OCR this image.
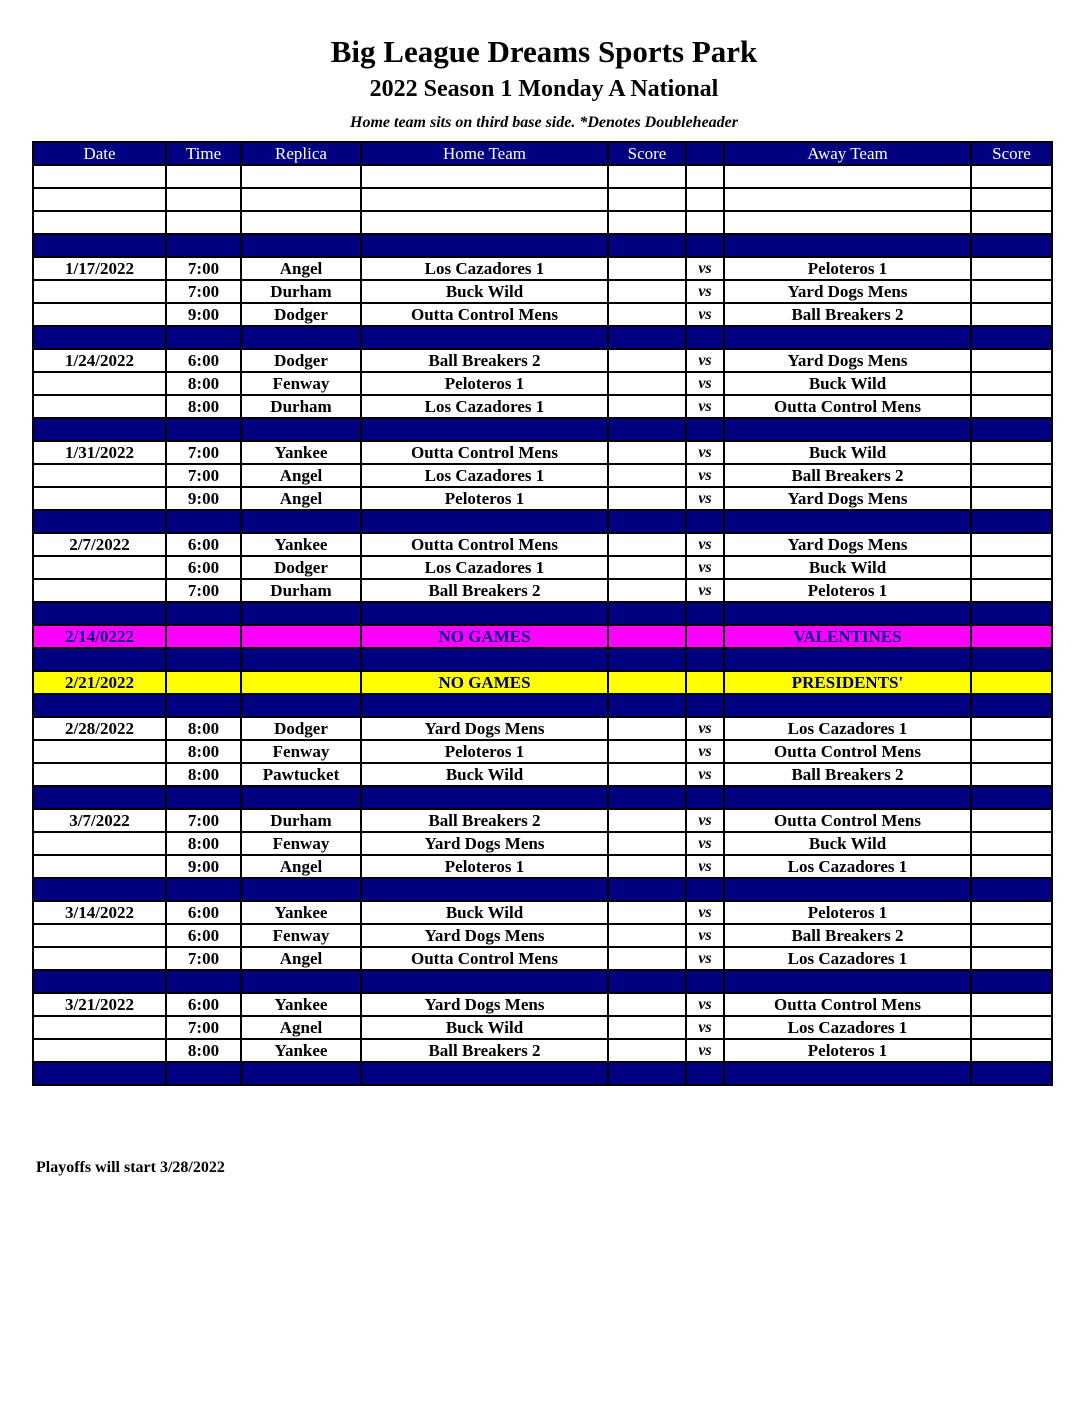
Big League Dreams Sports Park
2022 Season 1 Monday A National
Home team sits on third base side. *Denotes Doubleheader
Date	Time	Replica	Home Team	Score		Away Team	Score

1/17/2022	7:00	Angel	Los Cazadores 1		vs	Peloteros 1	
	7:00	Durham	Buck Wild		vs	Yard Dogs Mens	
	9:00	Dodger	Outta Control Mens		vs	Ball Breakers 2	

1/24/2022	6:00	Dodger	Ball Breakers 2		vs	Yard Dogs Mens	
	8:00	Fenway	Peloteros 1		vs	Buck Wild	
	8:00	Durham	Los Cazadores 1		vs	Outta Control Mens	

1/31/2022	7:00	Yankee	Outta Control Mens		vs	Buck Wild	
	7:00	Angel	Los Cazadores 1		vs	Ball Breakers 2	
	9:00	Angel	Peloteros 1		vs	Yard Dogs Mens	

2/7/2022	6:00	Yankee	Outta Control Mens		vs	Yard Dogs Mens	
	6:00	Dodger	Los Cazadores 1		vs	Buck Wild	
	7:00	Durham	Ball Breakers 2		vs	Peloteros 1	

2/14/0222			NO GAMES			VALENTINES	

2/21/2022			NO GAMES			PRESIDENTS'	

2/28/2022	8:00	Dodger	Yard Dogs Mens		vs	Los Cazadores 1	
	8:00	Fenway	Peloteros 1		vs	Outta Control Mens	
	8:00	Pawtucket	Buck Wild		vs	Ball Breakers 2	

3/7/2022	7:00	Durham	Ball Breakers 2		vs	Outta Control Mens	
	8:00	Fenway	Yard Dogs Mens		vs	Buck Wild	
	9:00	Angel	Peloteros 1		vs	Los Cazadores 1	

3/14/2022	6:00	Yankee	Buck Wild		vs	Peloteros 1	
	6:00	Fenway	Yard Dogs Mens		vs	Ball Breakers 2	
	7:00	Angel	Outta Control Mens		vs	Los Cazadores 1	

3/21/2022	6:00	Yankee	Yard Dogs Mens		vs	Outta Control Mens	
	7:00	Agnel	Buck Wild		vs	Los Cazadores 1	
	8:00	Yankee	Ball Breakers 2		vs	Peloteros 1	

Playoffs will start 3/28/2022
